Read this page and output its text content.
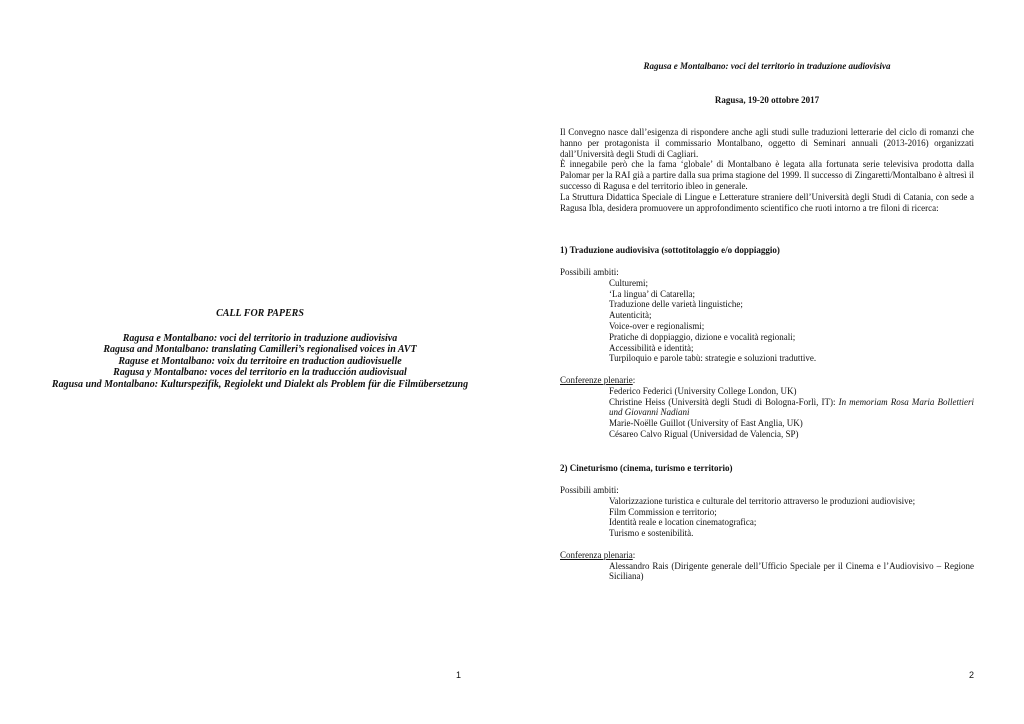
CALL FOR PAPERS
Ragusa e Montalbano: voci del territorio in traduzione audiovisiva
Ragusa and Montalbano: translating Camilleri’s regionalised voices in AVT
Raguse et Montalbano: voix du territoire en traduction audiovisuelle
Ragusa y Montalbano: voces del territorio en la traducción audiovisual
Ragusa und Montalbano: Kulturspezifik, Regiolekt und Dialekt als Problem für die Filmübersetzung
1
Ragusa e Montalbano: voci del territorio in traduzione audiovisiva
Ragusa, 19-20 ottobre 2017
Il Convegno nasce dall’esigenza di rispondere anche agli studi sulle traduzioni letterarie del ciclo di romanzi che hanno per protagonista il commissario Montalbano, oggetto di Seminari annuali (2013-2016) organizzati dall’Università degli Studi di Cagliari.
È innegabile però che la fama ‘globale’ di Montalbano è legata alla fortunata serie televisiva prodotta dalla Palomar per la RAI già a partire dalla sua prima stagione del 1999. Il successo di Zingaretti/Montalbano è altresì il successo di Ragusa e del territorio ibleo in generale.
La Struttura Didattica Speciale di Lingue e Letterature straniere dell’Università degli Studi di Catania, con sede a Ragusa Ibla, desidera promuovere un approfondimento scientifico che ruoti intorno a tre filoni di ricerca:
1) Traduzione audiovisiva (sottotitolaggio e/o doppiaggio)
Possibili ambiti:
Culturemi;
‘La lingua’ di Catarella;
Traduzione delle varietà linguistiche;
Autenticità;
Voice-over e regionalismi;
Pratiche di doppiaggio, dizione e vocalità regionali;
Accessibilità e identità;
Turpiloquio e parole tabù: strategie e soluzioni traduttive.
Conferenze plenarie:
Federico Federici (University College London, UK)
Christine Heiss (Università degli Studi di Bologna-Forlì, IT): In memoriam Rosa Maria Bollettieri und Giovanni Nadiani
Marie-Noëlle Guillot (University of East Anglia, UK)
Césareo Calvo Rigual (Universidad de Valencia, SP)
2) Cineturismo (cinema, turismo e territorio)
Possibili ambiti:
Valorizzazione turistica e culturale del territorio attraverso le produzioni audiovisive;
Film Commission e territorio;
Identità reale e location cinematografica;
Turismo e sostenibilità.
Conferenza plenaria:
Alessandro Rais (Dirigente generale dell’Ufficio Speciale per il Cinema e l’Audiovisivo – Regione Siciliana)
2
